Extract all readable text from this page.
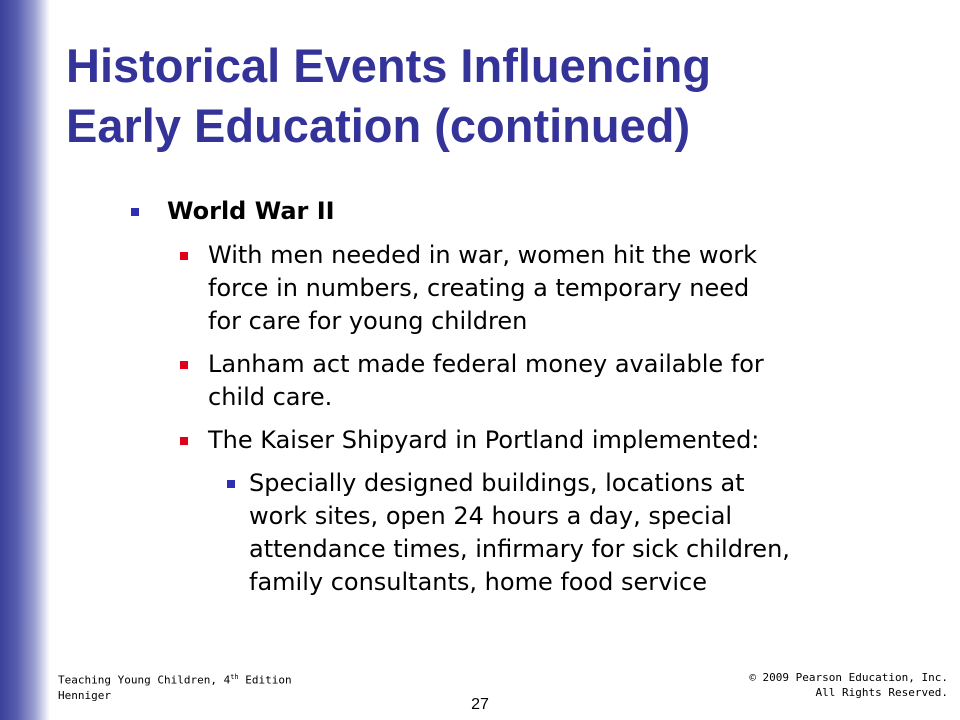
Historical Events Influencing
Early Education (continued)
World War II
With men needed in war, women hit the work
force in numbers, creating a temporary need
for care for young children
Lanham act made federal money available for
child care.
The Kaiser Shipyard in Portland implemented:
Specially designed buildings, locations at
work sites, open 24 hours a day, special
attendance times, infirmary for sick children,
family consultants, home food service
Teaching Young Children, 4th Edition
Henniger
© 2009 Pearson Education, Inc.
All Rights Reserved.
27
